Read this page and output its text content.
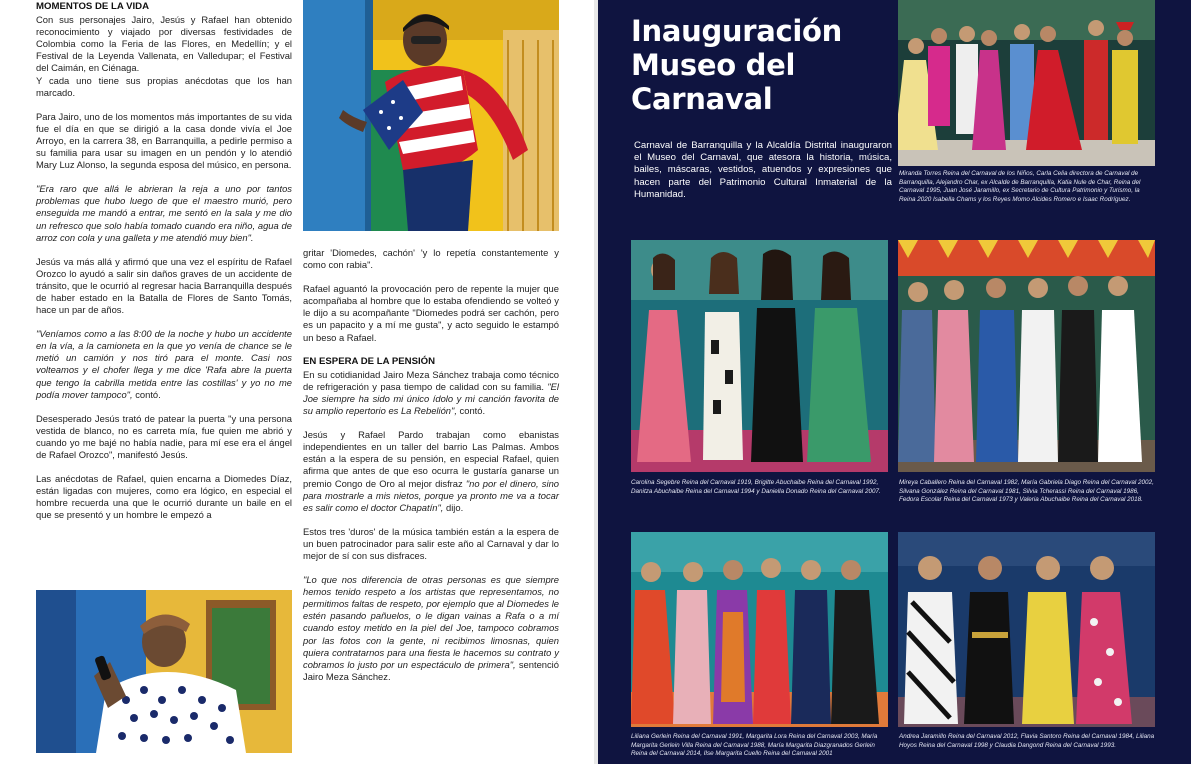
MOMENTOS DE LA VIDA

Con sus personajes Jairo, Jesús y Rafael han obtenido reconocimiento y viajado por diversas festividades de Colombia como la Feria de las Flores, en Medellín; y el Festival de la Leyenda Vallenata, en Valledupar; el Festival del Caimán, en Ciénaga.

Y cada uno tiene sus propias anécdotas que los han marcado.

Para Jairo, uno de los momentos más importantes de su vida fue el día en que se dirigió a la casa donde vivía el Joe Arroyo, en la carrera 38, en Barranquilla, a pedirle permiso a su familia para usar su imagen en un pendón y lo atendió Mary Luz Alonso, la segunda esposa del músico, en persona.

"Era raro que allá le abrieran la reja a uno por tantos problemas que hubo luego de que el maestro murió, pero enseguida me mandó a entrar, me sentó en la sala y me dio un refresco que solo había tomado cuando era niño, agua de arroz con cola y una galleta y me atendió muy bien".

Jesús va más allá y afirmó que una vez el espíritu de Rafael Orozco lo ayudó a salir sin daños graves de un accidente de tránsito, que le ocurrió al regresar hacia Barranquilla después de haber estado en la Batalla de Flores de Santo Tomás, hace un par de años.

"Veníamos como a las 8:00 de la noche y hubo un accidente en la vía, a la camioneta en la que yo venía de chance se le metió un camión y nos tiró para el monte. Casi nos volteamos y el chofer llega y me dice 'Rafa abre la puerta que tengo la cabrilla metida entre las costillas' y yo no me podía mover tampoco", contó.

Desesperado Jesús trató de patear la puerta "y una persona vestida de blanco, no es carreta mía, fue quien me abrió y cuando yo me bajé no había nadie, para mí ese era el ángel de Rafael Orozco", manifestó Jesús.

Las anécdotas de Rafael, quien encarna a Diomedes Díaz, están ligadas con mujeres, como era lógico, en especial el hombre recuerda una que le ocurrió durante un baile en el que se presentó y un hombre le empezó a

gritar 'Diomedes, cachón' 'y lo repetía constantemente y como con rabia".

Rafael aguantó la provocación pero de repente la mujer que acompañaba al hombre que lo estaba ofendiendo se volteó y le dijo a su acompañante "Diomedes podrá ser cachón, pero es un papacito y a mí me gusta", y acto seguido le estampó un beso a Rafael.

EN ESPERA DE LA PENSIÓN

En su cotidianidad Jairo Meza Sánchez trabaja como técnico de refrigeración y pasa tiempo de calidad con su familia. "El Joe siempre ha sido mi único ídolo y mi canción favorita de su amplio repertorio es La Rebelión", contó.

Jesús y Rafael Pardo trabajan como ebanistas independientes en un taller del barrio Las Palmas. Ambos están a la espera de su pensión, en especial Rafael, quien afirma que antes de que eso ocurra le gustaría ganarse un premio Congo de Oro al mejor disfraz "no por el dinero, sino para mostrarle a mis nietos, porque ya pronto me va a tocar es salir como el doctor Chapatín", dijo.

Estos tres 'duros' de la música también están a la espera de un buen patrocinador para salir este año al Carnaval y dar lo mejor de sí con sus disfraces.

"Lo que nos diferencia de otras personas es que siempre hemos tenido respeto a los artistas que representamos, no permitimos faltas de respeto, por ejemplo que al Diomedes le estén pasando pañuelos, o le digan vainas a Rafa o a mí cuando estoy metido en la piel del Joe, tampoco cobramos por las fotos con la gente, ni recibimos limosnas, quien quiera contratarnos para una fiesta le hacemos su contrato y cobramos lo justo por un espectáculo de primera", sentenció Jairo Meza Sánchez.

Inauguración
Museo del
Carnaval
Carnaval de Barranquilla y la Alcaldía Distrital inauguraron el Museo del Carnaval, que atesora la historia, música, bailes, máscaras, vestidos, atuendos y expresiones que hacen parte del Patrimonio Cultural Inmaterial de la Humanidad.
Miranda Torres Reina del Carnaval de los Niños, Carla Celia directora de Carnaval de Barranquilla, Alejandro Char, ex Alcalde de Barranquilla, Katia Nule de Char, Reina del Carnaval 1995, Juan José Jaramillo, ex Secretario de Cultura Patrimonio y Turismo, la Reina 2020 Isabella Chams y los Reyes Momo Alcides Romero e Isaac Rodríguez.
Carolina Segebre Reina del Carnaval 1919, Brigitte Abuchaibe Reina del Carnaval 1992, Danitza Abuchaibe Reina del Carnaval 1994 y Daniella Donado Reina del Carnaval 2007.
Mireya Caballero Reina del Carnaval 1982, María Gabriela Diago Reina del Carnaval 2002, Silvana González Reina del Carnaval 1981, Silvia Tcherassi Reina del Carnaval 1986, Fedora Escolar Reina del Carnaval 1973 y Valeria Abuchaibe Reina del Carnaval 2018.
Liliana Gerlein Reina del Carnaval 1991, Margarita Lora Reina del Carnaval 2003, María Margarita Gerlein Villa Reina del Carnaval 1988, María Margarita Diazgranados Gerlein Reina del Carnaval 2014, Ilse Margarita Cuello Reina del Carnaval 2001
Andrea Jaramillo Reina del Carnaval 2012, Flavia Santoro Reina del Carnaval 1984, Liliana Hoyos Reina del Carnaval 1998 y Claudia Dangond Reina del Carnaval 1993.
